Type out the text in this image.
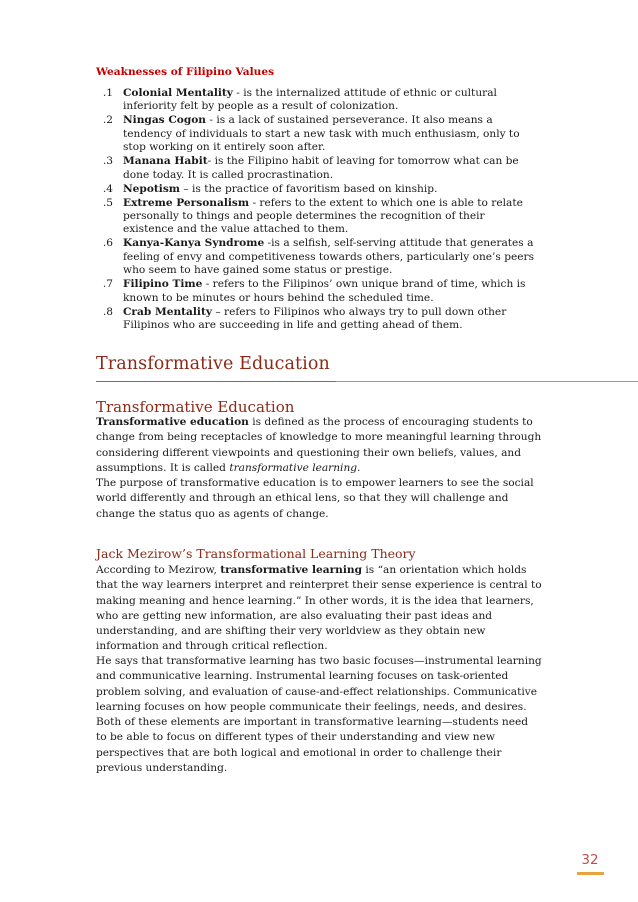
Weaknesses of Filipino Values
1. Colonial Mentality - is the internalized attitude of ethnic or cultural inferiority felt by people as a result of colonization.
2. Ningas Cogon - is a lack of sustained perseverance. It also means a tendency of individuals to start a new task with much enthusiasm, only to stop working on it entirely soon after.
3. Manana Habit- is the Filipino habit of leaving for tomorrow what can be done today. It is called procrastination.
4. Nepotism – is the practice of favoritism based on kinship.
5. Extreme Personalism - refers to the extent to which one is able to relate personally to things and people determines the recognition of their existence and the value attached to them.
6. Kanya-Kanya Syndrome -is a selfish, self-serving attitude that generates a feeling of envy and competitiveness towards others, particularly one’s peers who seem to have gained some status or prestige.
7. Filipino Time - refers to the Filipinos’ own unique brand of time, which is known to be minutes or hours behind the scheduled time.
8. Crab Mentality – refers to Filipinos who always try to pull down other Filipinos who are succeeding in life and getting ahead of them.
Transformative Education
Transformative Education

Transformative education is defined as the process of encouraging students to change from being receptacles of knowledge to more meaningful learning through considering different viewpoints and questioning their own beliefs, values, and assumptions. It is called transformative learning.

The purpose of transformative education is to empower learners to see the social world differently and through an ethical lens, so that they will challenge and change the status quo as agents of change.

Jack Mezirow’s Transformational Learning Theory

According to Mezirow, transformative learning is “an orientation which holds that the way learners interpret and reinterpret their sense experience is central to making meaning and hence learning.” In other words, it is the idea that learners, who are getting new information, are also evaluating their past ideas and understanding, and are shifting their very worldview as they obtain new information and through critical reflection.

He says that transformative learning has two basic focuses—instrumental learning and communicative learning. Instrumental learning focuses on task-oriented problem solving, and evaluation of cause-and-effect relationships. Communicative learning focuses on how people communicate their feelings, needs, and desires. Both of these elements are important in transformative learning—students need to be able to focus on different types of their understanding and view new perspectives that are both logical and emotional in order to challenge their previous understanding.

32
